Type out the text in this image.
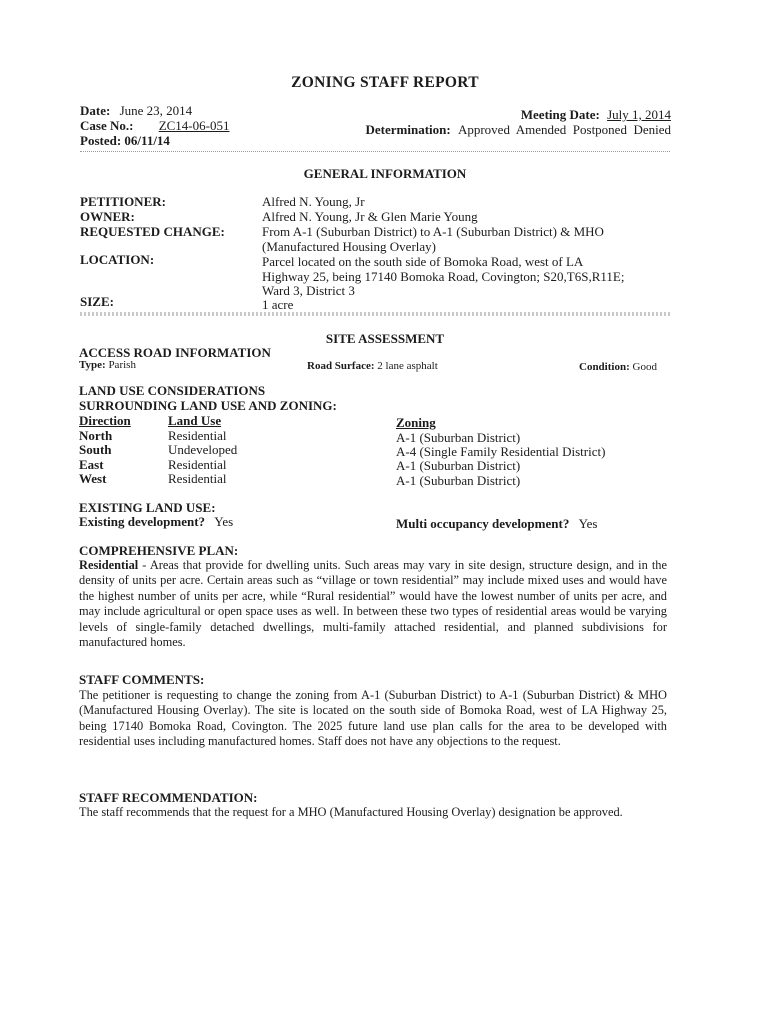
ZONING STAFF REPORT
Date: June 23, 2014
Case No.: ZC14-06-051
Posted: 06/11/14
Meeting Date: July 1, 2014
Determination: Approved  Amended  Postponed  Denied
GENERAL INFORMATION
PETITIONER:	Alfred N. Young, Jr
OWNER:	Alfred N. Young, Jr & Glen Marie Young
REQUESTED CHANGE:	From A-1 (Suburban District) to A-1 (Suburban District) & MHO
(Manufactured Housing Overlay)
LOCATION:	Parcel located on the south side of Bomoka Road, west of LA
Highway 25, being 17140 Bomoka Road, Covington; S20,T6S,R11E;
Ward 3, District 3
SIZE:	1 acre
SITE ASSESSMENT
ACCESS ROAD INFORMATION
Type: Parish	Road Surface: 2 lane asphalt	Condition: Good
LAND USE CONSIDERATIONS
SURROUNDING LAND USE AND ZONING:
Direction	Land Use	Zoning
North	Residential	A-1 (Suburban District)
South	Undeveloped	A-4 (Single Family Residential District)
East	Residential	A-1 (Suburban District)
West	Residential	A-1 (Suburban District)
EXISTING LAND USE:
Existing development? Yes	Multi occupancy development? Yes
COMPREHENSIVE PLAN:
Residential - Areas that provide for dwelling units. Such areas may vary in site design, structure design, and in the density of units per acre. Certain areas such as “village or town residential” may include mixed uses and would have the highest number of units per acre, while “Rural residential” would have the lowest number of units per acre, and may include agricultural or open space uses as well. In between these two types of residential areas would be varying levels of single-family detached dwellings, multi-family attached residential, and planned subdivisions for manufactured homes.
STAFF COMMENTS:
The petitioner is requesting to change the zoning from A-1 (Suburban District) to A-1 (Suburban District) & MHO (Manufactured Housing Overlay). The site is located on the south side of Bomoka Road, west of LA Highway 25, being 17140 Bomoka Road, Covington. The 2025 future land use plan calls for the area to be developed with residential uses including manufactured homes. Staff does not have any objections to the request.
STAFF RECOMMENDATION:
The staff recommends that the request for a MHO (Manufactured Housing Overlay) designation be approved.
